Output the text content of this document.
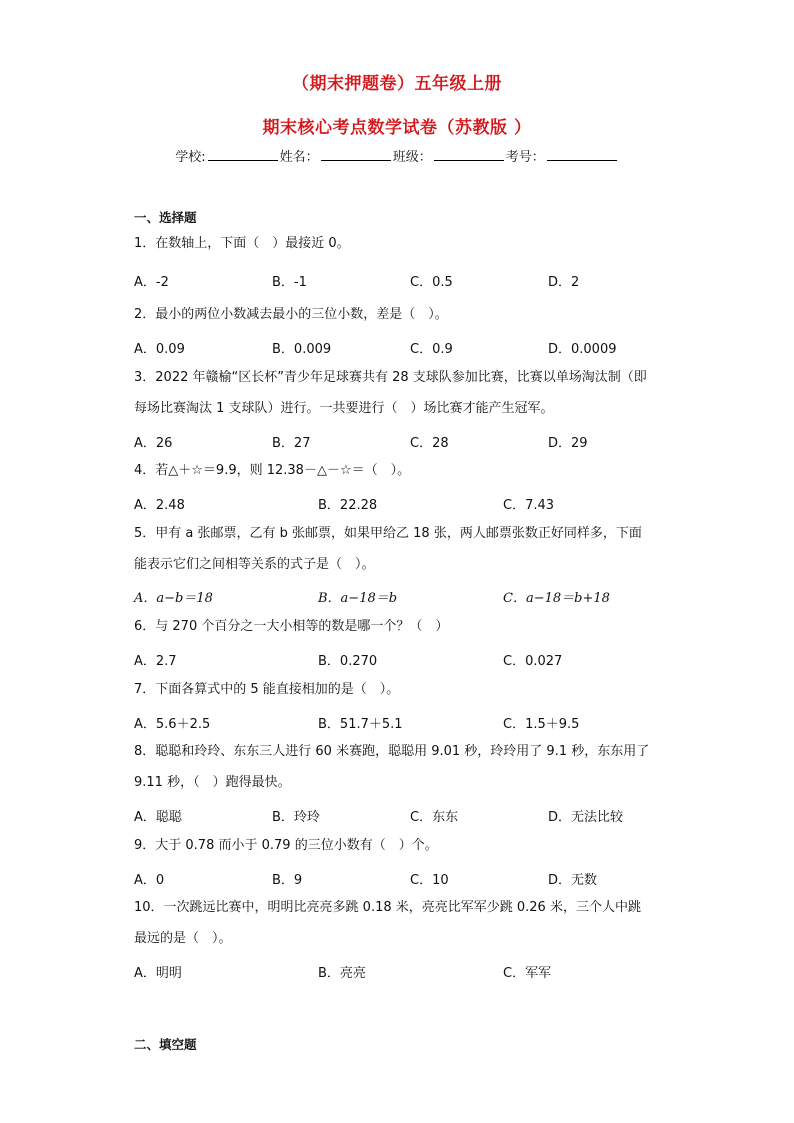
（期末押题卷）五年级上册
期末核心考点数学试卷（苏教版 ）
学校:	姓名：	班级：	考号：
一、选择题
1．在数轴上，下面（　）最接近 0。
A．-2	B．-1	C．0.5	D．2
2．最小的两位小数减去最小的三位小数，差是（　）。
A．0.09	B．0.009	C．0.9	D．0.0009
3．2022 年赣榆“区长杯”青少年足球赛共有 28 支球队参加比赛，比赛以单场淘汰制（即
每场比赛淘汰 1 支球队）进行。一共要进行（　）场比赛才能产生冠军。
A．26	B．27	C．28	D．29
4．若△＋☆＝9.9，则 12.38－△－☆＝（　）。
A．2.48	B．22.28	C．7.43
5．甲有 a 张邮票，乙有 b 张邮票，如果甲给乙 18 张，两人邮票张数正好同样多，下面
能表示它们之间相等关系的式子是（　）。
A．a−b＝18	B．a−18＝b	C．a−18＝b+18
6．与 270 个百分之一大小相等的数是哪一个？（　）
A．2.7	B．0.270	C．0.027
7．下面各算式中的 5 能直接相加的是（　）。
A．5.6＋2.5	B．51.7＋5.1	C．1.5＋9.5
8．聪聪和玲玲、东东三人进行 60 米赛跑，聪聪用 9.01 秒，玲玲用了 9.1 秒，东东用了
9.11 秒，（　）跑得最快。
A．聪聪	B．玲玲	C．东东	D．无法比较
9．大于 0.78 而小于 0.79 的三位小数有（　）个。
A．0	B．9	C．10	D．无数
10．一次跳远比赛中，明明比亮亮多跳 0.18 米，亮亮比军军少跳 0.26 米，三个人中跳
最远的是（　）。
A．明明	B．亮亮	C．军军
二、填空题
